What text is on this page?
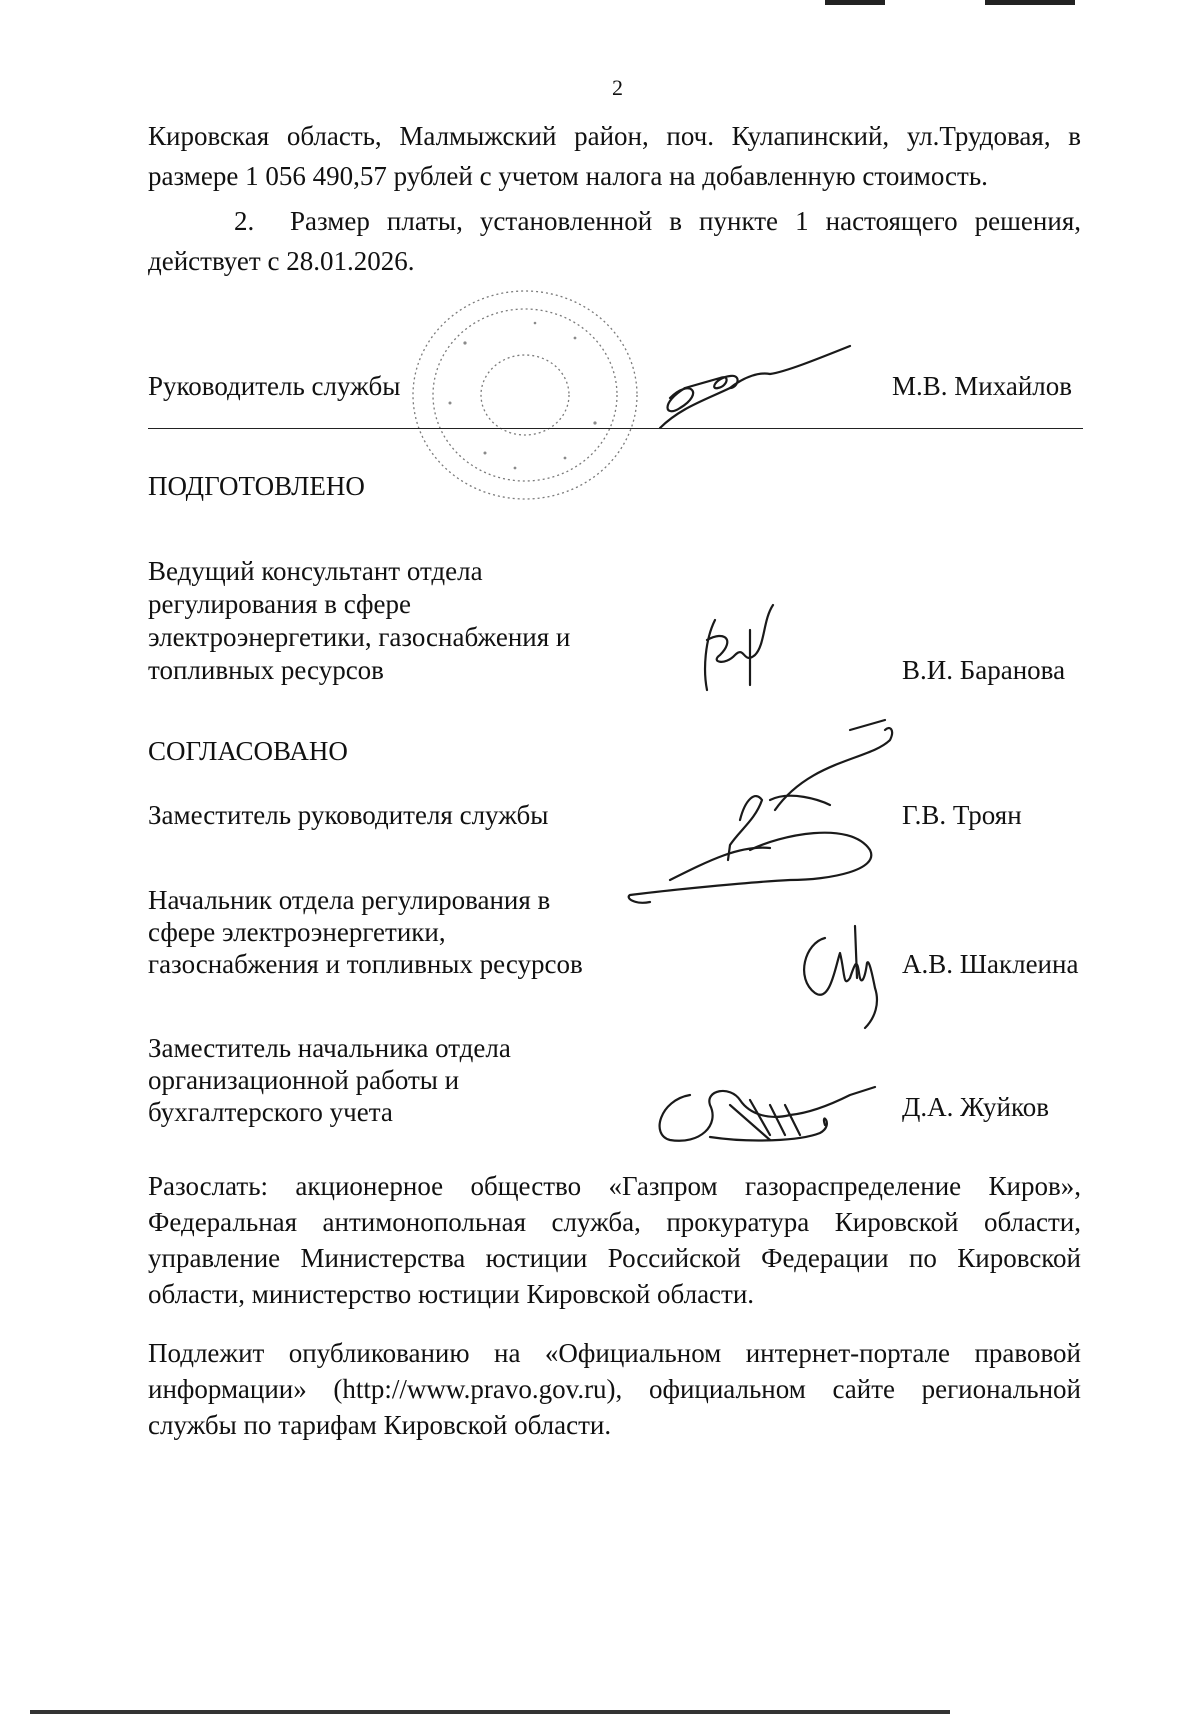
2
Кировская область, Малмыжский район, поч. Кулапинский, ул.Трудовая, в
размере 1 056 490,57 рублей с учетом налога на добавленную стоимость.
2. Размер платы, установленной в пункте 1 настоящего решения,
действует с 28.01.2026.
Руководитель службы	М.В. Михайлов
ПОДГОТОВЛЕНО
Ведущий консультант отдела
регулирования в сфере
электроэнергетики, газоснабжения и
топливных ресурсов	В.И. Баранова
СОГЛАСОВАНО
Заместитель руководителя службы	Г.В. Троян
Начальник отдела регулирования в
сфере электроэнергетики,
газоснабжения и топливных ресурсов	А.В. Шаклеина
Заместитель начальника отдела
организационной работы и
бухгалтерского учета	Д.А. Жуйков
Разослать: акционерное общество «Газпром газораспределение Киров»,
Федеральная антимонопольная служба, прокуратура Кировской области,
управление Министерства юстиции Российской Федерации по Кировской
области, министерство юстиции Кировской области.
Подлежит опубликованию на «Официальном интернет-портале правовой
информации» (http://www.pravo.gov.ru), официальном сайте региональной
службы по тарифам Кировской области.
